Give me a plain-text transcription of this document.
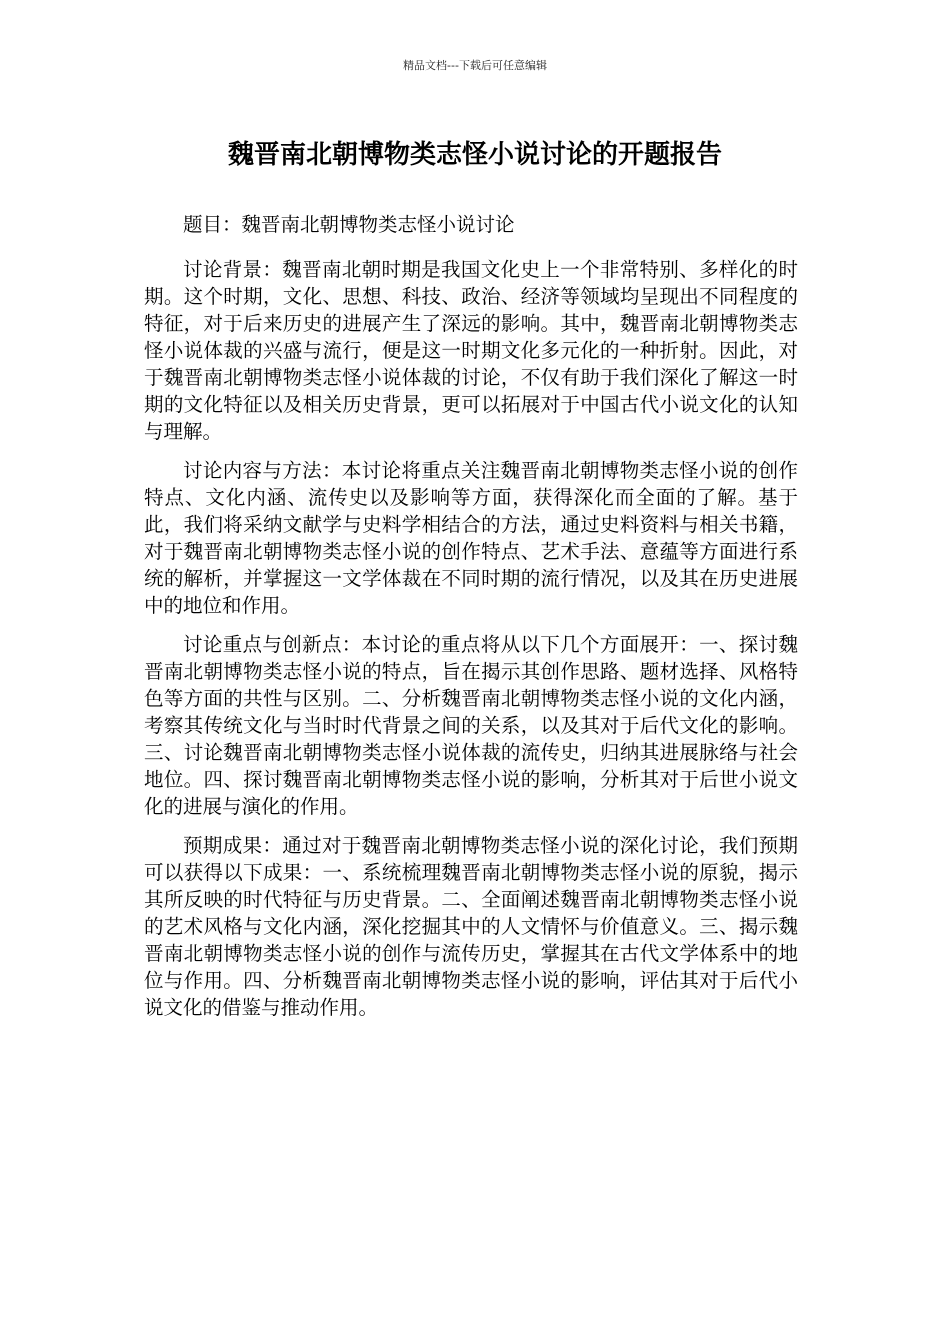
精品文档---下载后可任意编辑
魏晋南北朝博物类志怪小说讨论的开题报告

题目：魏晋南北朝博物类志怪小说讨论

讨论背景：魏晋南北朝时期是我国文化史上一个非常特别、多样化的时期。这个时期，文化、思想、科技、政治、经济等领域均呈现出不同程度的特征，对于后来历史的进展产生了深远的影响。其中，魏晋南北朝博物类志怪小说体裁的兴盛与流行，便是这一时期文化多元化的一种折射。因此，对于魏晋南北朝博物类志怪小说体裁的讨论，不仅有助于我们深化了解这一时期的文化特征以及相关历史背景，更可以拓展对于中国古代小说文化的认知与理解。

讨论内容与方法：本讨论将重点关注魏晋南北朝博物类志怪小说的创作特点、文化内涵、流传史以及影响等方面，获得深化而全面的了解。基于此，我们将采纳文献学与史料学相结合的方法，通过史料资料与相关书籍，对于魏晋南北朝博物类志怪小说的创作特点、艺术手法、意蕴等方面进行系统的解析，并掌握这一文学体裁在不同时期的流行情况，以及其在历史进展中的地位和作用。

讨论重点与创新点：本讨论的重点将从以下几个方面展开：一、探讨魏晋南北朝博物类志怪小说的特点，旨在揭示其创作思路、题材选择、风格特色等方面的共性与区别。二、分析魏晋南北朝博物类志怪小说的文化内涵，考察其传统文化与当时时代背景之间的关系，以及其对于后代文化的影响。三、讨论魏晋南北朝博物类志怪小说体裁的流传史，归纳其进展脉络与社会地位。四、探讨魏晋南北朝博物类志怪小说的影响，分析其对于后世小说文化的进展与演化的作用。

预期成果：通过对于魏晋南北朝博物类志怪小说的深化讨论，我们预期可以获得以下成果：一、系统梳理魏晋南北朝博物类志怪小说的原貌，揭示其所反映的时代特征与历史背景。二、全面阐述魏晋南北朝博物类志怪小说的艺术风格与文化内涵，深化挖掘其中的人文情怀与价值意义。三、揭示魏晋南北朝博物类志怪小说的创作与流传历史，掌握其在古代文学体系中的地位与作用。四、分析魏晋南北朝博物类志怪小说的影响，评估其对于后代小说文化的借鉴与推动作用。
